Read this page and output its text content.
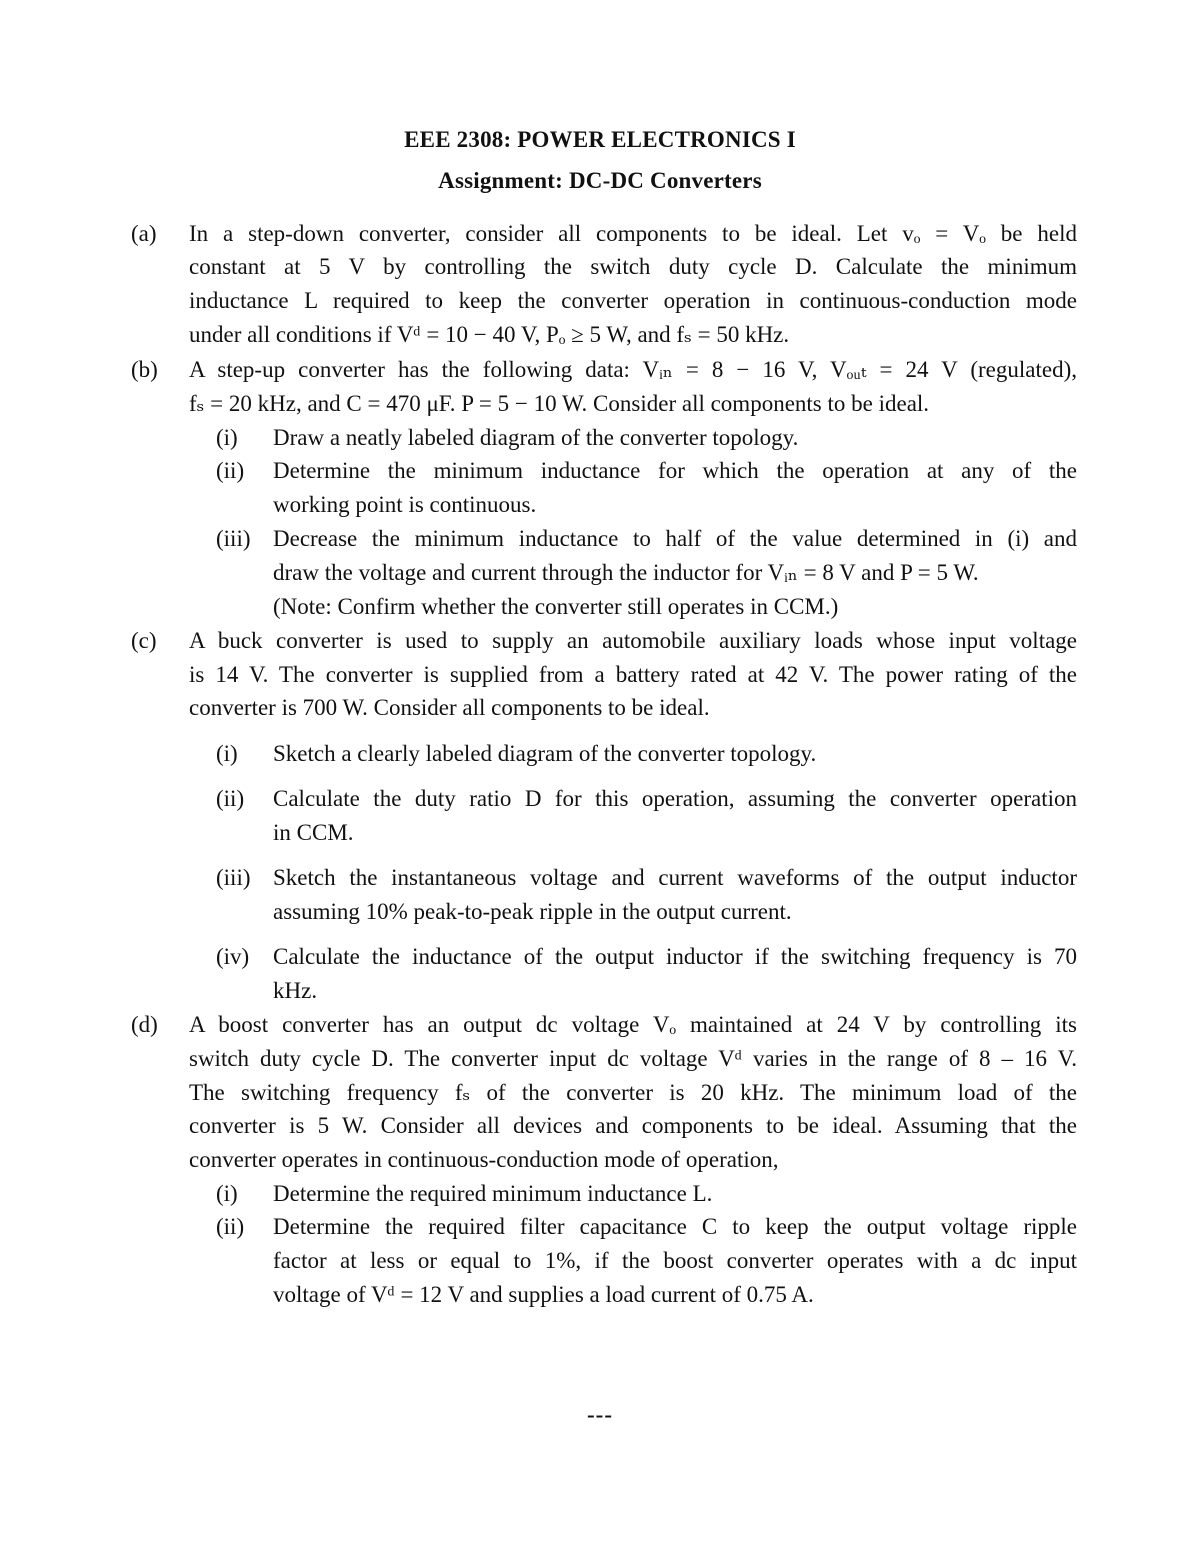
EEE 2308: POWER ELECTRONICS I
Assignment: DC-DC Converters
(a) In a step-down converter, consider all components to be ideal. Let vₒ = Vₒ be held
constant at 5 V by controlling the switch duty cycle D. Calculate the minimum
inductance L required to keep the converter operation in continuous-conduction mode
under all conditions if Vᵈ = 10 − 40 V, Pₒ ≥ 5 W, and fₛ = 50 kHz.
(b) A step-up converter has the following data: Vᵢₙ = 8 − 16 V, Vₒᵤₜ = 24 V (regulated),
fₛ = 20 kHz, and C = 470 μF. P = 5 − 10 W. Consider all components to be ideal.
(i) Draw a neatly labeled diagram of the converter topology.
(ii) Determine the minimum inductance for which the operation at any of the
working point is continuous.
(iii) Decrease the minimum inductance to half of the value determined in (i) and
draw the voltage and current through the inductor for Vᵢₙ = 8 V and P = 5 W.
(Note: Confirm whether the converter still operates in CCM.)
(c) A buck converter is used to supply an automobile auxiliary loads whose input voltage
is 14 V. The converter is supplied from a battery rated at 42 V. The power rating of the
converter is 700 W. Consider all components to be ideal.
(i) Sketch a clearly labeled diagram of the converter topology.
(ii) Calculate the duty ratio D for this operation, assuming the converter operation
in CCM.
(iii) Sketch the instantaneous voltage and current waveforms of the output inductor
assuming 10% peak-to-peak ripple in the output current.
(iv) Calculate the inductance of the output inductor if the switching frequency is 70
kHz.
(d) A boost converter has an output dc voltage Vₒ maintained at 24 V by controlling its
switch duty cycle D. The converter input dc voltage Vᵈ varies in the range of 8 – 16 V.
The switching frequency fₛ of the converter is 20 kHz. The minimum load of the
converter is 5 W. Consider all devices and components to be ideal. Assuming that the
converter operates in continuous-conduction mode of operation,
(i) Determine the required minimum inductance L.
(ii) Determine the required filter capacitance C to keep the output voltage ripple
factor at less or equal to 1%, if the boost converter operates with a dc input
voltage of Vᵈ = 12 V and supplies a load current of 0.75 A.
---
